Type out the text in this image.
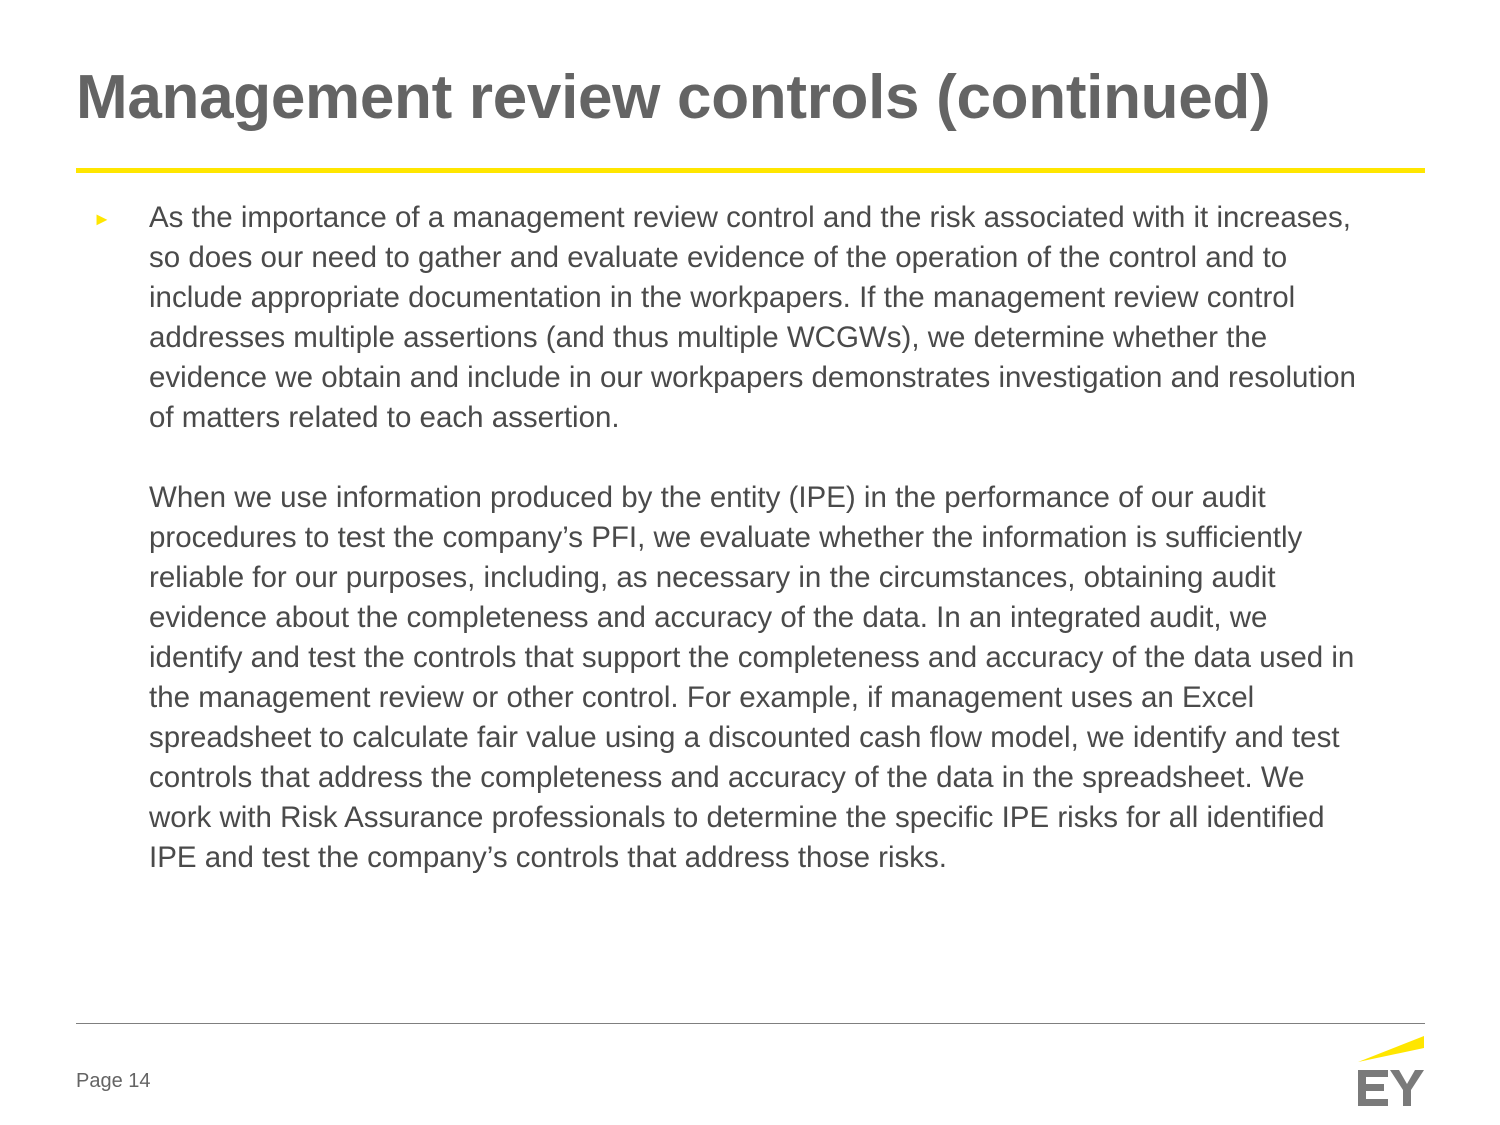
Management review controls (continued)
► As the importance of a management review control and the risk associated with it increases, so does our need to gather and evaluate evidence of the operation of the control and to include appropriate documentation in the workpapers. If the management review control addresses multiple assertions (and thus multiple WCGWs), we determine whether the evidence we obtain and include in our workpapers demonstrates investigation and resolution of matters related to each assertion.

When we use information produced by the entity (IPE) in the performance of our audit procedures to test the company’s PFI, we evaluate whether the information is sufficiently reliable for our purposes, including, as necessary in the circumstances, obtaining audit evidence about the completeness and accuracy of the data. In an integrated audit, we identify and test the controls that support the completeness and accuracy of the data used in the management review or other control. For example, if management uses an Excel spreadsheet to calculate fair value using a discounted cash flow model, we identify and test controls that address the completeness and accuracy of the data in the spreadsheet. We work with Risk Assurance professionals to determine the specific IPE risks for all identified IPE and test the company’s controls that address those risks.

Page 14
